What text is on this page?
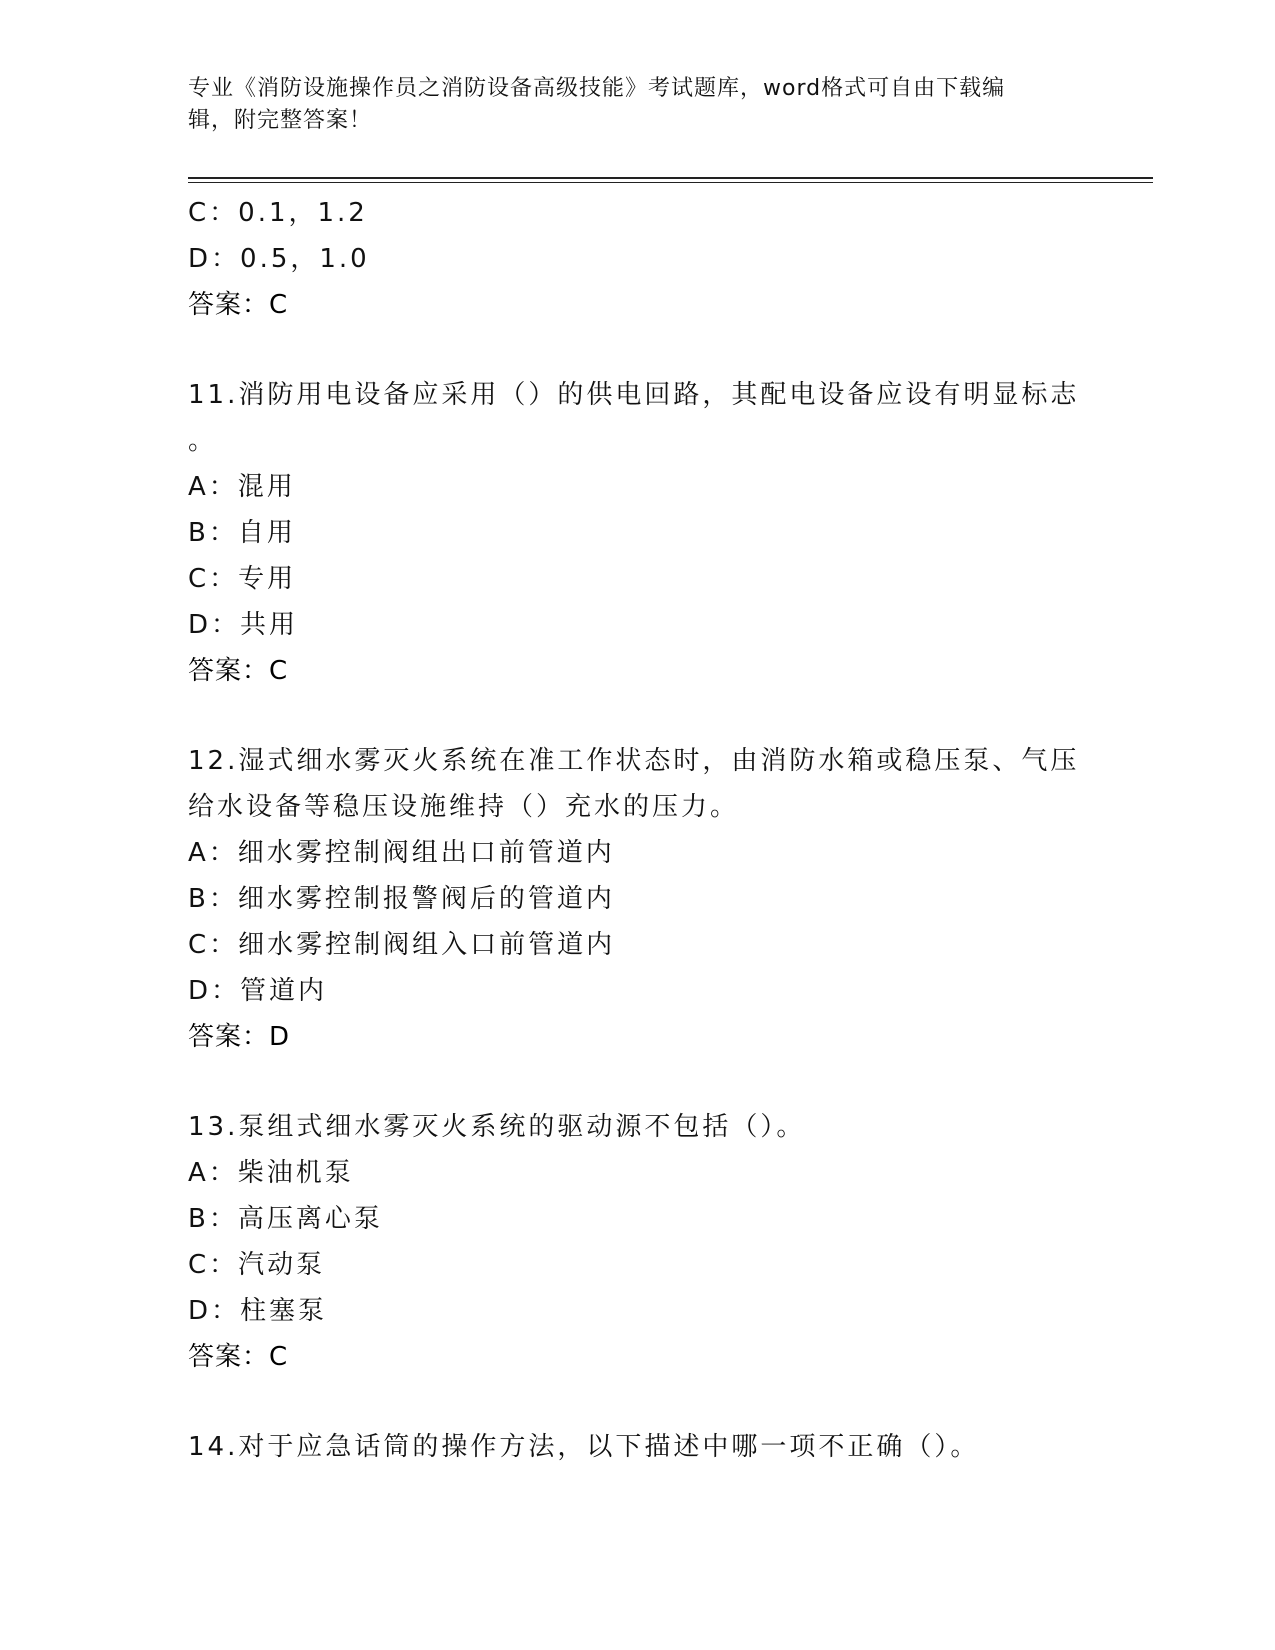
专业《消防设施操作员之消防设备高级技能》考试题库，word格式可自由下载编
辑，附完整答案！
C：0.1，1.2
D：0.5，1.0
答案：C
11.消防用电设备应采用（）的供电回路，其配电设备应设有明显标志
。
A：混用
B：自用
C：专用
D：共用
答案：C
12.湿式细水雾灭火系统在准工作状态时，由消防水箱或稳压泵、气压
给水设备等稳压设施维持（）充水的压力。
A：细水雾控制阀组出口前管道内
B：细水雾控制报警阀后的管道内
C：细水雾控制阀组入口前管道内
D：管道内
答案：D
13.泵组式细水雾灭火系统的驱动源不包括（）。
A：柴油机泵
B：高压离心泵
C：汽动泵
D：柱塞泵
答案：C
14.对于应急话筒的操作方法，以下描述中哪一项不正确（）。
